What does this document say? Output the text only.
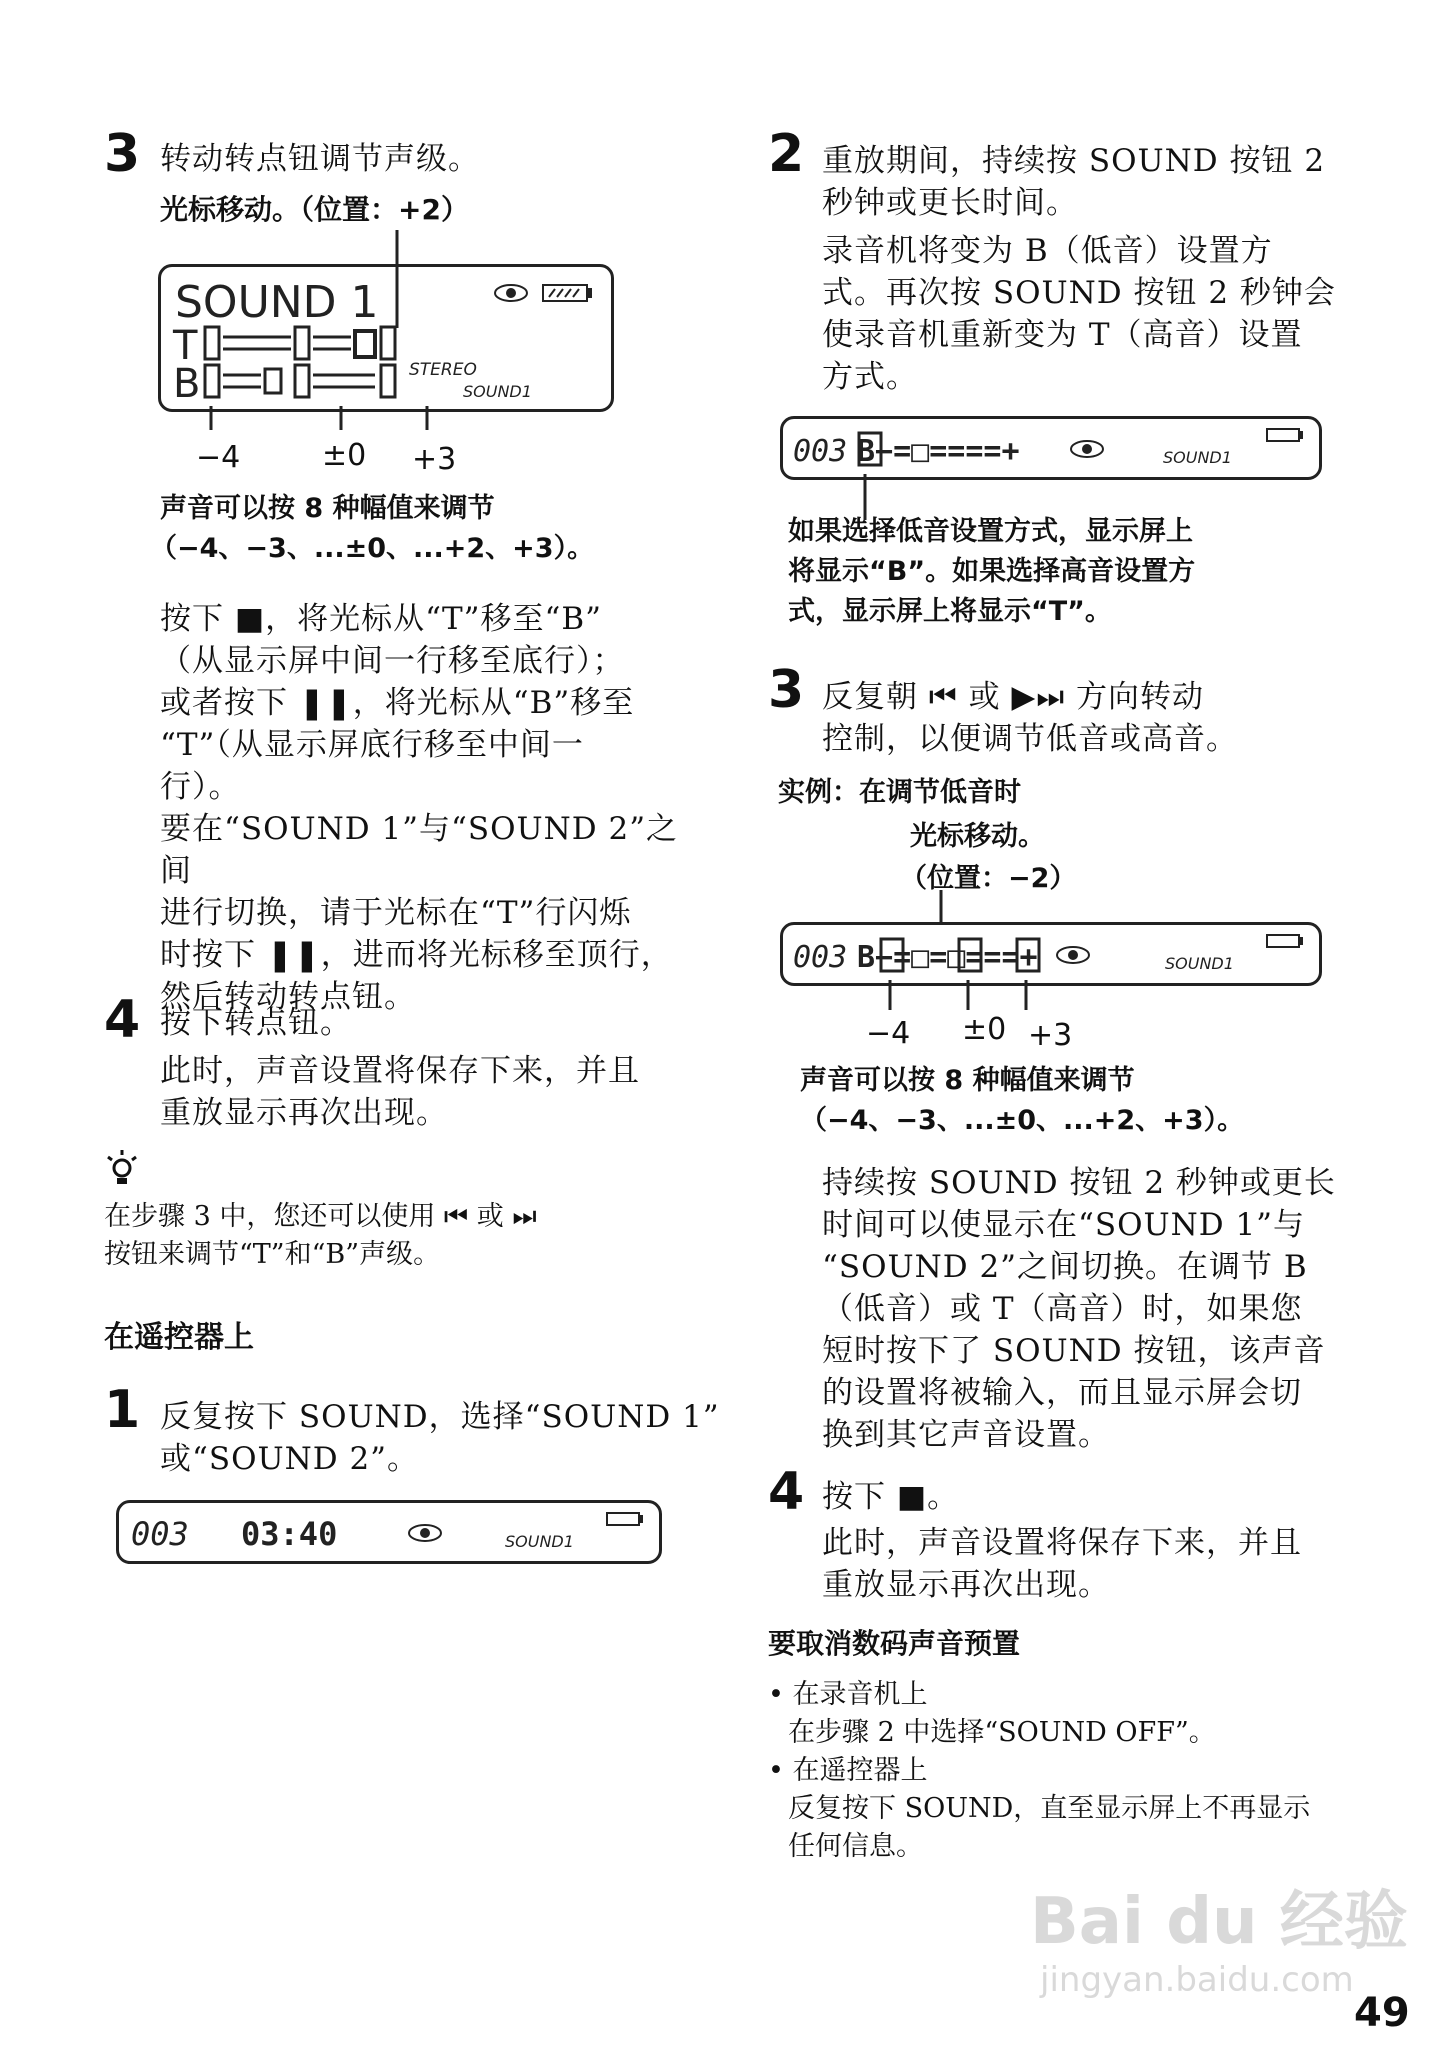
3 转动转点钮调节声级。
光标移动。（位置：+2）
SOUND 1
T
B	STEREO
SOUND1
−4	±0 +3
声音可以按 8 种幅值来调节
（−4、−3、...±0、...+2、+3）。
按下 ■，将光标从“T”移至“B”
（从显示屏中间一行移至底行）；
或者按下 ❚❚，将光标从“B”移至
“T”（从显示屏底行移至中间一
行）。
要在“SOUND 1”与“SOUND 2”之间
进行切换，请于光标在“T”行闪烁
时按下 ❚❚，进而将光标移至顶行，
然后转动转点钮。
4 按下转点钮。
此时，声音设置将保存下来，并且
重放显示再次出现。
在步骤 3 中，您还可以使用 ⏮ 或 ⏭
按钮来调节“T”和“B”声级。
在遥控器上
1 反复按下 SOUND，选择“SOUND 1”
或“SOUND 2”。
003 03:40	SOUND1
2 重放期间，持续按 SOUND 按钮 2
秒钟或更长时间。
录音机将变为 B（低音）设置方
式。再次按 SOUND 按钮 2 秒钟会
使录音机重新变为 T（高音）设置
方式。
003 B−=□====+	SOUND1
如果选择低音设置方式，显示屏上
将显示“B”。如果选择高音设置方
式，显示屏上将显示“T”。
3 反复朝 ⏮ 或 ▶⏭ 方向转动
控制，以便调节低音或高音。
实例：在调节低音时
光标移动。
（位置：−2）
003 B−=□=□===+	SOUND1
−4 ±0 +3
声音可以按 8 种幅值来调节
（−4、−3、...±0、...+2、+3）。
持续按 SOUND 按钮 2 秒钟或更长
时间可以使显示在“SOUND 1”与
“SOUND 2”之间切换。在调节 B
（低音）或 T（高音）时，如果您
短时按下了 SOUND 按钮，该声音
的设置将被输入，而且显示屏会切
换到其它声音设置。
4 按下 ■。
此时，声音设置将保存下来，并且
重放显示再次出现。
要取消数码声音预置
• 在录音机上
在步骤 2 中选择“SOUND OFF”。
• 在遥控器上
反复按下 SOUND，直至显示屏上不再显示
任何信息。
Bai du 经验
jingyan.baidu.com
49
